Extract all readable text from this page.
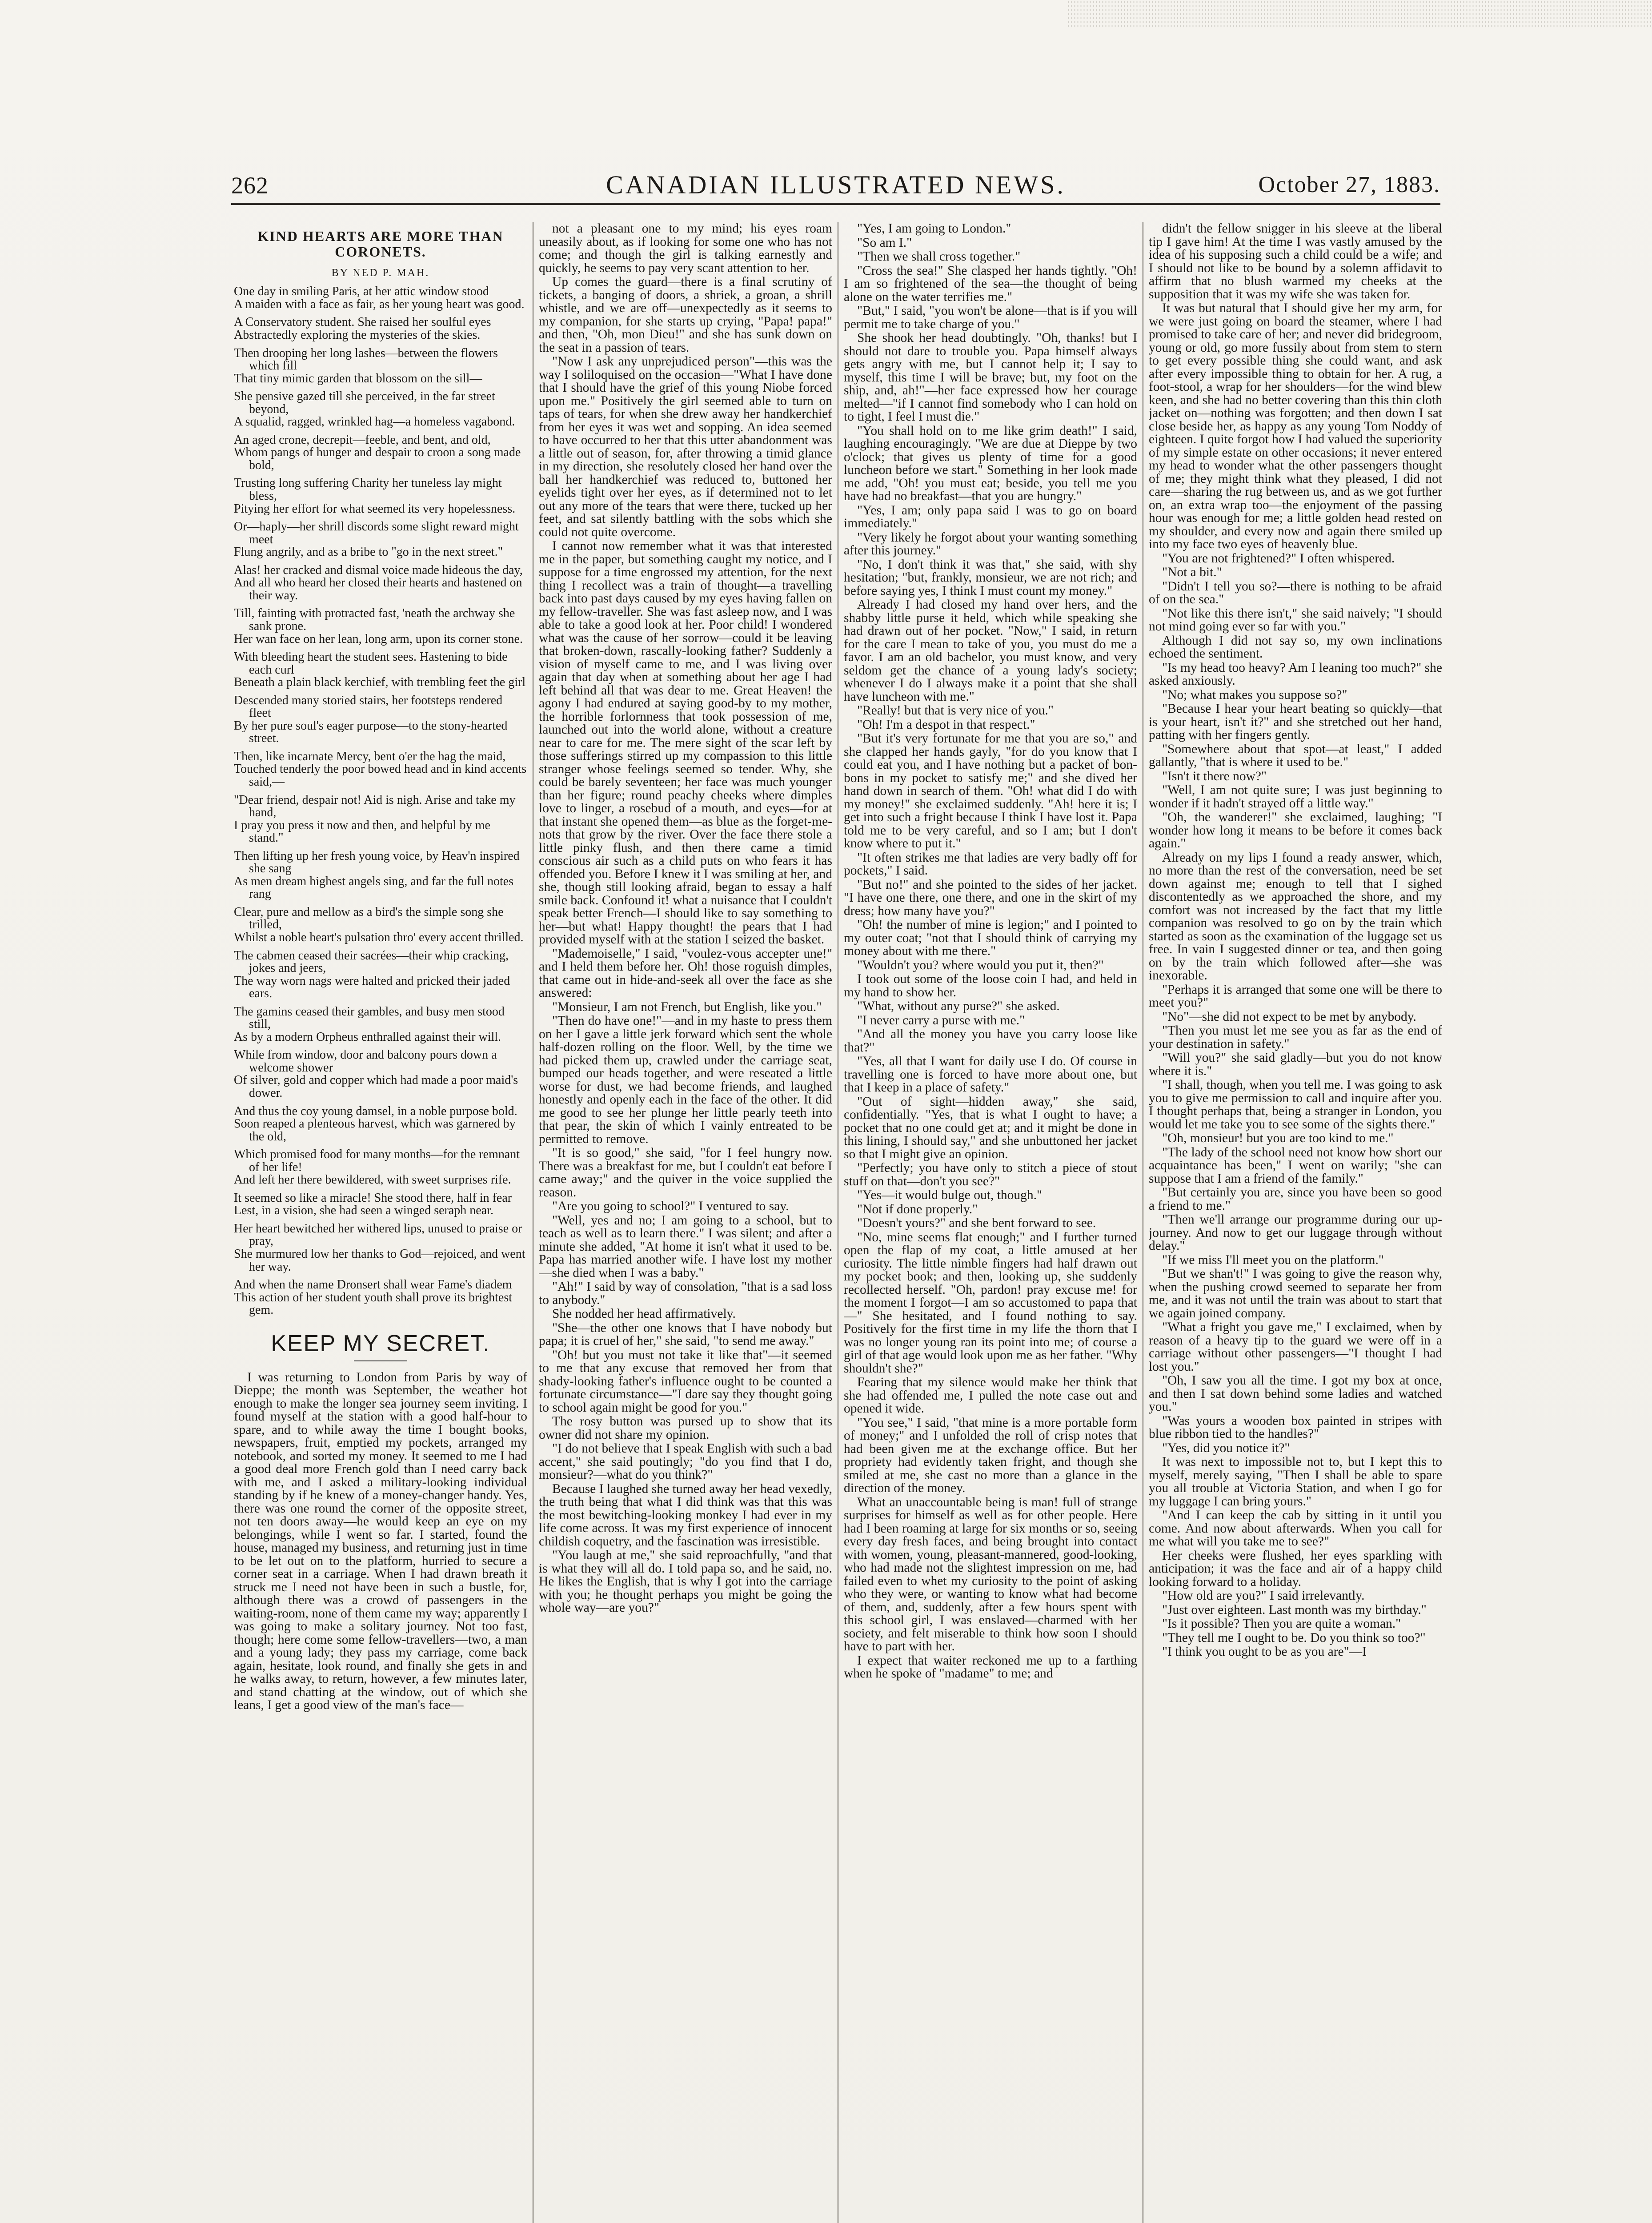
262	CANADIAN ILLUSTRATED NEWS.	October 27, 1883.
KIND HEARTS ARE MORE THAN CORONETS.
BY NED P. MAH.
One day in smiling Paris, at her attic window stood
A maiden with a face as fair, as her young heart was good.
A Conservatory student. She raised her soulful eyes
Abstractedly exploring the mysteries of the skies.
Then drooping her long lashes—between the flowers which fill
That tiny mimic garden that blossom on the sill—
She pensive gazed till she perceived, in the far street beyond,
A squalid, ragged, wrinkled hag—a homeless vagabond.
An aged crone, decrepit—feeble, and bent, and old,
Whom pangs of hunger and despair to croon a song made bold,
Trusting long suffering Charity her tuneless lay might bless,
Pitying her effort for what seemed its very hopelessness.
Or—haply—her shrill discords some slight reward might meet
Flung angrily, and as a bribe to "go in the next street."
Alas! her cracked and dismal voice made hideous the day,
And all who heard her closed their hearts and hastened on their way.
Till, fainting with protracted fast, 'neath the archway she sank prone.
Her wan face on her lean, long arm, upon its corner stone.
With bleeding heart the student sees. Hastening to bide each curl
Beneath a plain black kerchief, with trembling feet the girl
Descended many storied stairs, her footsteps rendered fleet
By her pure soul's eager purpose—to the stony-hearted street.
Then, like incarnate Mercy, bent o'er the hag the maid,
Touched tenderly the poor bowed head and in kind accents said,—
"Dear friend, despair not! Aid is nigh. Arise and take my hand,
I pray you press it now and then, and helpful by me stand."
Then lifting up her fresh young voice, by Heav'n inspired she sang
As men dream highest angels sing, and far the full notes rang
Clear, pure and mellow as a bird's the simple song she trilled,
Whilst a noble heart's pulsation thro' every accent thrilled.
The cabmen ceased their sacrées—their whip cracking, jokes and jeers,
The way worn nags were halted and pricked their jaded ears.
The gamins ceased their gambles, and busy men stood still,
As by a modern Orpheus enthralled against their will.
While from window, door and balcony pours down a welcome shower
Of silver, gold and copper which had made a poor maid's dower.
And thus the coy young damsel, in a noble purpose bold.
Soon reaped a plenteous harvest, which was garnered by the old,
Which promised food for many months—for the remnant of her life!
And left her there bewildered, with sweet surprises rife.
It seemed so like a miracle! She stood there, half in fear
Lest, in a vision, she had seen a winged seraph near.
Her heart bewitched her withered lips, unused to praise or pray,
She murmured low her thanks to God—rejoiced, and went her way.
And when the name Dronsert shall wear Fame's diadem
This action of her student youth shall prove its brightest gem.
KEEP MY SECRET.

I was returning to London from Paris by way of Dieppe; the month was September, the weather hot enough to make the longer sea journey seem inviting. I found myself at the station with a good half-hour to spare, and to while away the time I bought books, newspapers, fruit, emptied my pockets, arranged my notebook, and sorted my money. It seemed to me I had a good deal more French gold than I need carry back with me, and I asked a military-looking individual standing by if he knew of a money-changer handy. Yes, there was one round the corner of the opposite street, not ten doors away—he would keep an eye on my belongings, while I went so far. I started, found the house, managed my business, and returning just in time to be let out on to the platform, hurried to secure a corner seat in a carriage. When I had drawn breath it struck me I need not have been in such a bustle, for, although there was a crowd of passengers in the waiting-room, none of them came my way; apparently I was going to make a solitary journey. Not too fast, though; here come some fellow-travellers—two, a man and a young lady; they pass my carriage, come back again, hesitate, look round, and finally she gets in and he walks away, to return, however, a few minutes later, and stand chatting at the window, out of which she leans, I get a good view of the man's face—

not a pleasant one to my mind; his eyes roam uneasily about, as if looking for some one who has not come; and though the girl is talking earnestly and quickly, he seems to pay very scant attention to her.

Up comes the guard—there is a final scrutiny of tickets, a banging of doors, a shriek, a groan, a shrill whistle, and we are off—unexpectedly as it seems to my companion, for she starts up crying, "Papa! papa!" and then, "Oh, mon Dieu!" and she has sunk down on the seat in a passion of tears.

"Now I ask any unprejudiced person"—this was the way I soliloquised on the occasion—"What I have done that I should have the grief of this young Niobe forced upon me." Positively the girl seemed able to turn on taps of tears, for when she drew away her handkerchief from her eyes it was wet and sopping. An idea seemed to have occurred to her that this utter abandonment was a little out of season, for, after throwing a timid glance in my direction, she resolutely closed her hand over the ball her handkerchief was reduced to, buttoned her eyelids tight over her eyes, as if determined not to let out any more of the tears that were there, tucked up her feet, and sat silently battling with the sobs which she could not quite overcome.

I cannot now remember what it was that interested me in the paper, but something caught my notice, and I suppose for a time engrossed my attention, for the next thing I recollect was a train of thought—a travelling back into past days caused by my eyes having fallen on my fellow-traveller. She was fast asleep now, and I was able to take a good look at her. Poor child! I wondered what was the cause of her sorrow—could it be leaving that broken-down, rascally-looking father? Suddenly a vision of myself came to me, and I was living over again that day when at something about her age I had left behind all that was dear to me. Great Heaven! the agony I had endured at saying good-by to my mother, the horrible forlornness that took possession of me, launched out into the world alone, without a creature near to care for me. The mere sight of the scar left by those sufferings stirred up my compassion to this little stranger whose feelings seemed so tender. Why, she could be barely seventeen; her face was much younger than her figure; round peachy cheeks where dimples love to linger, a rosebud of a mouth, and eyes—for at that instant she opened them—as blue as the forget-me-nots that grow by the river. Over the face there stole a little pinky flush, and then there came a timid conscious air such as a child puts on who fears it has offended you. Before I knew it I was smiling at her, and she, though still looking afraid, began to essay a half smile back. Confound it! what a nuisance that I couldn't speak better French—I should like to say something to her—but what! Happy thought! the pears that I had provided myself with at the station I seized the basket.

"Mademoiselle," I said, "voulez-vous accepter une!" and I held them before her. Oh! those roguish dimples, that came out in hide-and-seek all over the face as she answered:

"Monsieur, I am not French, but English, like you."

"Then do have one!"—and in my haste to press them on her I gave a little jerk forward which sent the whole half-dozen rolling on the floor. Well, by the time we had picked them up, crawled under the carriage seat, bumped our heads together, and were reseated a little worse for dust, we had become friends, and laughed honestly and openly each in the face of the other. It did me good to see her plunge her little pearly teeth into that pear, the skin of which I vainly entreated to be permitted to remove.

"It is so good," she said, "for I feel hungry now. There was a breakfast for me, but I couldn't eat before I came away;" and the quiver in the voice supplied the reason.

"Are you going to school?" I ventured to say.

"Well, yes and no; I am going to a school, but to teach as well as to learn there." I was silent; and after a minute she added, "At home it isn't what it used to be. Papa has married another wife. I have lost my mother—she died when I was a baby."

"Ah!" I said by way of consolation, "that is a sad loss to anybody."

She nodded her head affirmatively.

"She—the other one knows that I have nobody but papa; it is cruel of her," she said, "to send me away."

"Oh! but you must not take it like that"—it seemed to me that any excuse that removed her from that shady-looking father's influence ought to be counted a fortunate circumstance—"I dare say they thought going to school again might be good for you."

The rosy button was pursed up to show that its owner did not share my opinion.

"I do not believe that I speak English with such a bad accent," she said poutingly; "do you find that I do, monsieur?—what do you think?"

Because I laughed she turned away her head vexedly, the truth being that what I did think was that this was the most bewitching-looking monkey I had ever in my life come across. It was my first experience of innocent childish coquetry, and the fascination was irresistible.

"You laugh at me," she said reproachfully, "and that is what they will all do. I told papa so, and he said, no. He likes the English, that is why I got into the carriage with you; he thought perhaps you might be going the whole way—are you?"

"Yes, I am going to London."

"So am I."

"Then we shall cross together."

"Cross the sea!" She clasped her hands tightly. "Oh! I am so frightened of the sea—the thought of being alone on the water terrifies me."

"But," I said, "you won't be alone—that is if you will permit me to take charge of you."

She shook her head doubtingly. "Oh, thanks! but I should not dare to trouble you. Papa himself always gets angry with me, but I cannot help it; I say to myself, this time I will be brave; but, my foot on the ship, and, ah!"—her face expressed how her courage melted—"if I cannot find somebody who I can hold on to tight, I feel I must die."

"You shall hold on to me like grim death!" I said, laughing encouragingly. "We are due at Dieppe by two o'clock; that gives us plenty of time for a good luncheon before we start." Something in her look made me add, "Oh! you must eat; beside, you tell me you have had no breakfast—that you are hungry."

"Yes, I am; only papa said I was to go on board immediately."

"Very likely he forgot about your wanting something after this journey."

"No, I don't think it was that," she said, with shy hesitation; "but, frankly, monsieur, we are not rich; and before saying yes, I think I must count my money."

Already I had closed my hand over hers, and the shabby little purse it held, which while speaking she had drawn out of her pocket. "Now," I said, in return for the care I mean to take of you, you must do me a favor. I am an old bachelor, you must know, and very seldom get the chance of a young lady's society; whenever I do I always make it a point that she shall have luncheon with me."

"Really! but that is very nice of you."

"Oh! I'm a despot in that respect."

"But it's very fortunate for me that you are so," and she clapped her hands gayly, "for do you know that I could eat you, and I have nothing but a packet of bon-bons in my pocket to satisfy me;" and she dived her hand down in search of them. "Oh! what did I do with my money!" she exclaimed suddenly. "Ah! here it is; I get into such a fright because I think I have lost it. Papa told me to be very careful, and so I am; but I don't know where to put it."

"It often strikes me that ladies are very badly off for pockets," I said.

"But no!" and she pointed to the sides of her jacket. "I have one there, one there, and one in the skirt of my dress; how many have you?"

"Oh! the number of mine is legion;" and I pointed to my outer coat; "not that I should think of carrying my money about with me there."

"Wouldn't you? where would you put it, then?"

I took out some of the loose coin I had, and held in my hand to show her.

"What, without any purse?" she asked.

"I never carry a purse with me."

"And all the money you have you carry loose like that?"

"Yes, all that I want for daily use I do. Of course in travelling one is forced to have more about one, but that I keep in a place of safety."

"Out of sight—hidden away," she said, confidentially. "Yes, that is what I ought to have; a pocket that no one could get at; and it might be done in this lining, I should say," and she unbuttoned her jacket so that I might give an opinion.

"Perfectly; you have only to stitch a piece of stout stuff on that—don't you see?"

"Yes—it would bulge out, though."

"Not if done properly."

"Doesn't yours?" and she bent forward to see.

"No, mine seems flat enough;" and I further turned open the flap of my coat, a little amused at her curiosity. The little nimble fingers had half drawn out my pocket book; and then, looking up, she suddenly recollected herself. "Oh, pardon! pray excuse me! for the moment I forgot—I am so accustomed to papa that—" She hesitated, and I found nothing to say. Positively for the first time in my life the thorn that I was no longer young ran its point into me; of course a girl of that age would look upon me as her father. "Why shouldn't she?"

Fearing that my silence would make her think that she had offended me, I pulled the note case out and opened it wide.

"You see," I said, "that mine is a more portable form of money;" and I unfolded the roll of crisp notes that had been given me at the exchange office. But her propriety had evidently taken fright, and though she smiled at me, she cast no more than a glance in the direction of the money.

What an unaccountable being is man! full of strange surprises for himself as well as for other people. Here had I been roaming at large for six months or so, seeing every day fresh faces, and being brought into contact with women, young, pleasant-mannered, good-looking, who had made not the slightest impression on me, had failed even to whet my curiosity to the point of asking who they were, or wanting to know what had become of them, and, suddenly, after a few hours spent with this school girl, I was enslaved—charmed with her society, and felt miserable to think how soon I should have to part with her.

I expect that waiter reckoned me up to a farthing when he spoke of "madame" to me; and

didn't the fellow snigger in his sleeve at the liberal tip I gave him! At the time I was vastly amused by the idea of his supposing such a child could be a wife; and I should not like to be bound by a solemn affidavit to affirm that no blush warmed my cheeks at the supposition that it was my wife she was taken for.

It was but natural that I should give her my arm, for we were just going on board the steamer, where I had promised to take care of her; and never did bridegroom, young or old, go more fussily about from stem to stern to get every possible thing she could want, and ask after every impossible thing to obtain for her. A rug, a foot-stool, a wrap for her shoulders—for the wind blew keen, and she had no better covering than this thin cloth jacket on—nothing was forgotten; and then down I sat close beside her, as happy as any young Tom Noddy of eighteen. I quite forgot how I had valued the superiority of my simple estate on other occasions; it never entered my head to wonder what the other passengers thought of me; they might think what they pleased, I did not care—sharing the rug between us, and as we got further on, an extra wrap too—the enjoyment of the passing hour was enough for me; a little golden head rested on my shoulder, and every now and again there smiled up into my face two eyes of heavenly blue.

"You are not frightened?" I often whispered.

"Not a bit."

"Didn't I tell you so?—there is nothing to be afraid of on the sea."

"Not like this there isn't," she said naively; "I should not mind going ever so far with you."

Although I did not say so, my own inclinations echoed the sentiment.

"Is my head too heavy? Am I leaning too much?" she asked anxiously.

"No; what makes you suppose so?"

"Because I hear your heart beating so quickly—that is your heart, isn't it?" and she stretched out her hand, patting with her fingers gently.

"Somewhere about that spot—at least," I added gallantly, "that is where it used to be."

"Isn't it there now?"

"Well, I am not quite sure; I was just beginning to wonder if it hadn't strayed off a little way."

"Oh, the wanderer!" she exclaimed, laughing; "I wonder how long it means to be before it comes back again."

Already on my lips I found a ready answer, which, no more than the rest of the conversation, need be set down against me; enough to tell that I sighed discontentedly as we approached the shore, and my comfort was not increased by the fact that my little companion was resolved to go on by the train which started as soon as the examination of the luggage set us free. In vain I suggested dinner or tea, and then going on by the train which followed after—she was inexorable.

"Perhaps it is arranged that some one will be there to meet you?"

"No"—she did not expect to be met by anybody.

"Then you must let me see you as far as the end of your destination in safety."

"Will you?" she said gladly—but you do not know where it is."

"I shall, though, when you tell me. I was going to ask you to give me permission to call and inquire after you. I thought perhaps that, being a stranger in London, you would let me take you to see some of the sights there."

"Oh, monsieur! but you are too kind to me."

"The lady of the school need not know how short our acquaintance has been," I went on warily; "she can suppose that I am a friend of the family."

"But certainly you are, since you have been so good a friend to me."

"Then we'll arrange our programme during our up-journey. And now to get our luggage through without delay."

"If we miss I'll meet you on the platform."

"But we shan't!" I was going to give the reason why, when the pushing crowd seemed to separate her from me, and it was not until the train was about to start that we again joined company.

"What a fright you gave me," I exclaimed, when by reason of a heavy tip to the guard we were off in a carriage without other passengers—"I thought I had lost you."

"Oh, I saw you all the time. I got my box at once, and then I sat down behind some ladies and watched you."

"Was yours a wooden box painted in stripes with blue ribbon tied to the handles?"

"Yes, did you notice it?"

It was next to impossible not to, but I kept this to myself, merely saying, "Then I shall be able to spare you all trouble at Victoria Station, and when I go for my luggage I can bring yours."

"And I can keep the cab by sitting in it until you come. And now about afterwards. When you call for me what will you take me to see?"

Her cheeks were flushed, her eyes sparkling with anticipation; it was the face and air of a happy child looking forward to a holiday.

"How old are you?" I said irrelevantly.

"Just over eighteen. Last month was my birthday."

"Is it possible? Then you are quite a woman."

"They tell me I ought to be. Do you think so too?"

"I think you ought to be as you are"—I
